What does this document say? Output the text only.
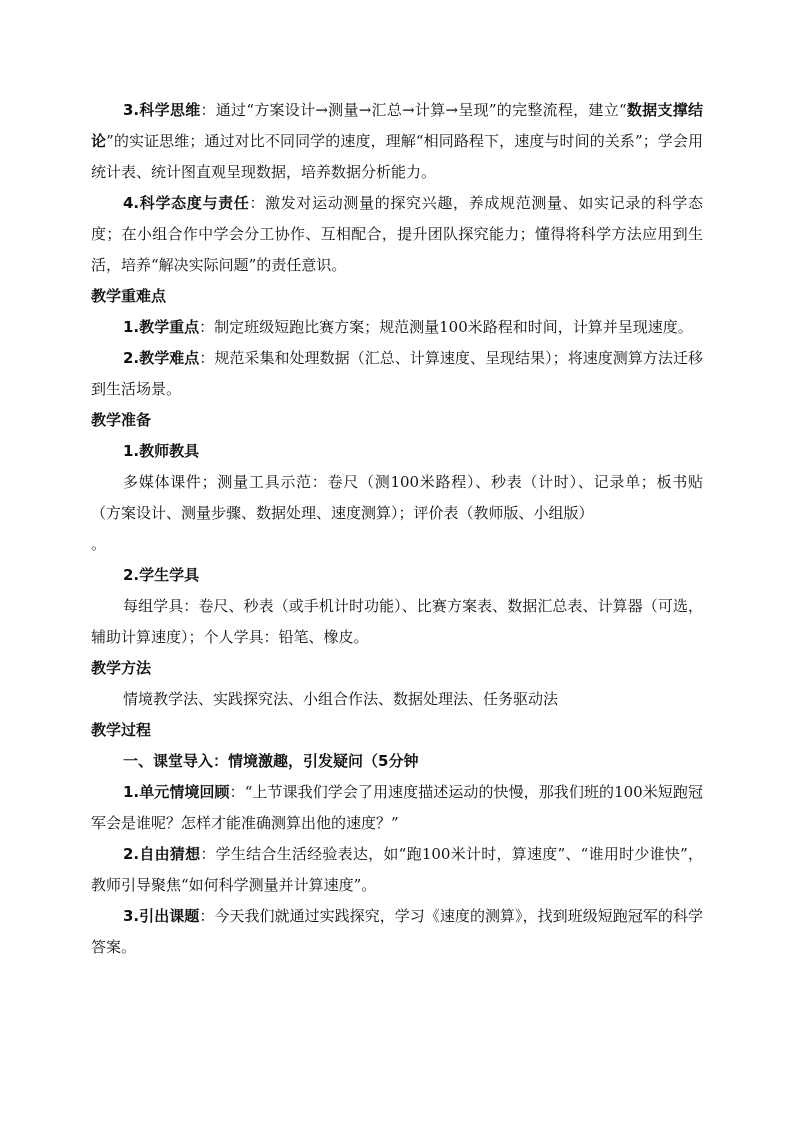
3.科学思维：通过“方案设计→测量→汇总→计算→呈现”的完整流程，建立“数据支撑结论”的实证思维；通过对比不同同学的速度，理解“相同路程下，速度与时间的关系”；学会用统计表、统计图直观呈现数据，培养数据分析能力。

4.科学态度与责任：激发对运动测量的探究兴趣，养成规范测量、如实记录的科学态度；在小组合作中学会分工协作、互相配合，提升团队探究能力；懂得将科学方法应用到生活，培养“解决实际问题”的责任意识。

教学重难点

1.教学重点：制定班级短跑比赛方案；规范测量100米路程和时间，计算并呈现速度。

2.教学难点：规范采集和处理数据（汇总、计算速度、呈现结果）；将速度测算方法迁移到生活场景。

教学准备

1.教师教具

多媒体课件；测量工具示范：卷尺（测100米路程）、秒表（计时）、记录单；板书贴（方案设计、测量步骤、数据处理、速度测算）；评价表（教师版、小组版）

。

2.学生学具

每组学具：卷尺、秒表（或手机计时功能）、比赛方案表、数据汇总表、计算器（可选，辅助计算速度）；个人学具：铅笔、橡皮。

教学方法

情境教学法、实践探究法、小组合作法、数据处理法、任务驱动法

教学过程

一、课堂导入：情境激趣，引发疑问（5分钟

1.单元情境回顾：“上节课我们学会了用速度描述运动的快慢，那我们班的100米短跑冠军会是谁呢？怎样才能准确测算出他的速度？”

2.自由猜想：学生结合生活经验表达，如“跑100米计时，算速度”、“谁用时少谁快”，教师引导聚焦“如何科学测量并计算速度”。

3.引出课题：今天我们就通过实践探究，学习《速度的测算》，找到班级短跑冠军的科学答案。
